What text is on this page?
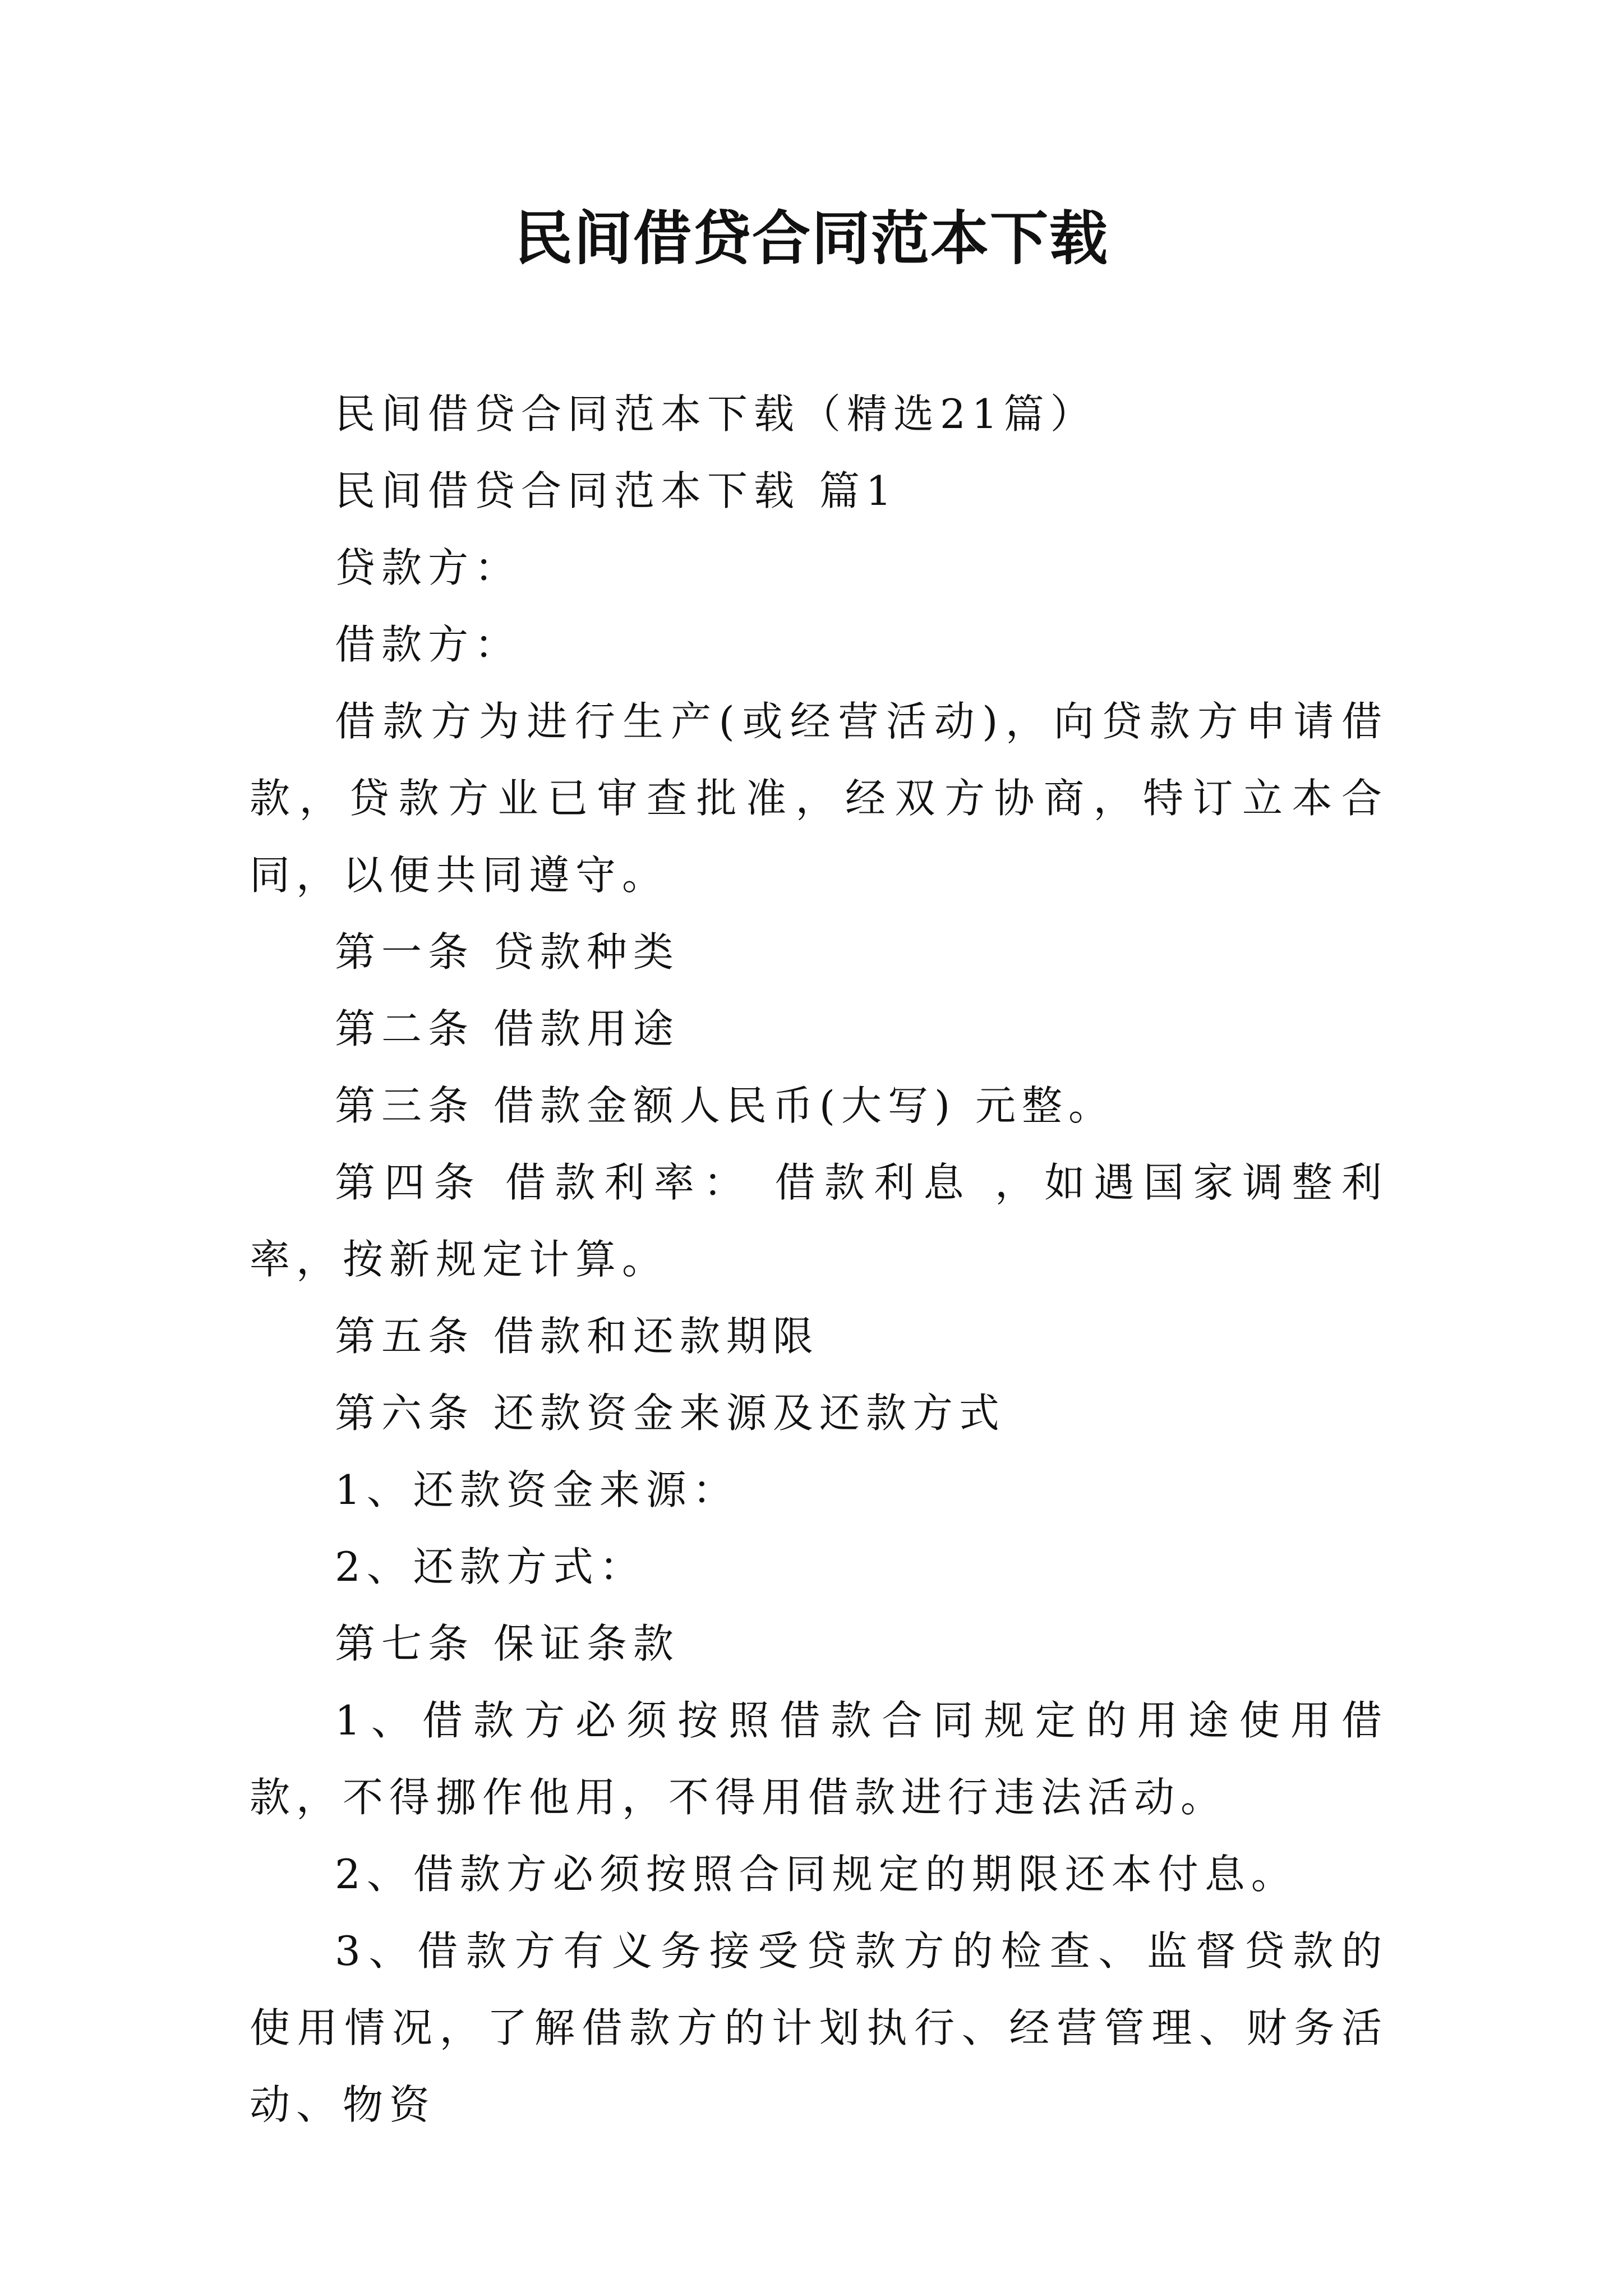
民间借贷合同范本下载

民间借贷合同范本下载（精选21篇）

民间借贷合同范本下载 篇1

贷款方：

借款方：

借款方为进行生产(或经营活动)，向贷款方申请借款，贷款方业已审查批准，经双方协商，特订立本合同，以便共同遵守。

第一条 贷款种类

第二条 借款用途

第三条 借款金额人民币(大写) 元整。

第四条 借款利率： 借款利息 ，如遇国家调整利率，按新规定计算。

第五条 借款和还款期限

第六条 还款资金来源及还款方式

1、还款资金来源：

2、还款方式：

第七条 保证条款

1、借款方必须按照借款合同规定的用途使用借款，不得挪作他用，不得用借款进行违法活动。

2、借款方必须按照合同规定的期限还本付息。

3、借款方有义务接受贷款方的检查、监督贷款的使用情况，了解借款方的计划执行、经营管理、财务活动、物资
